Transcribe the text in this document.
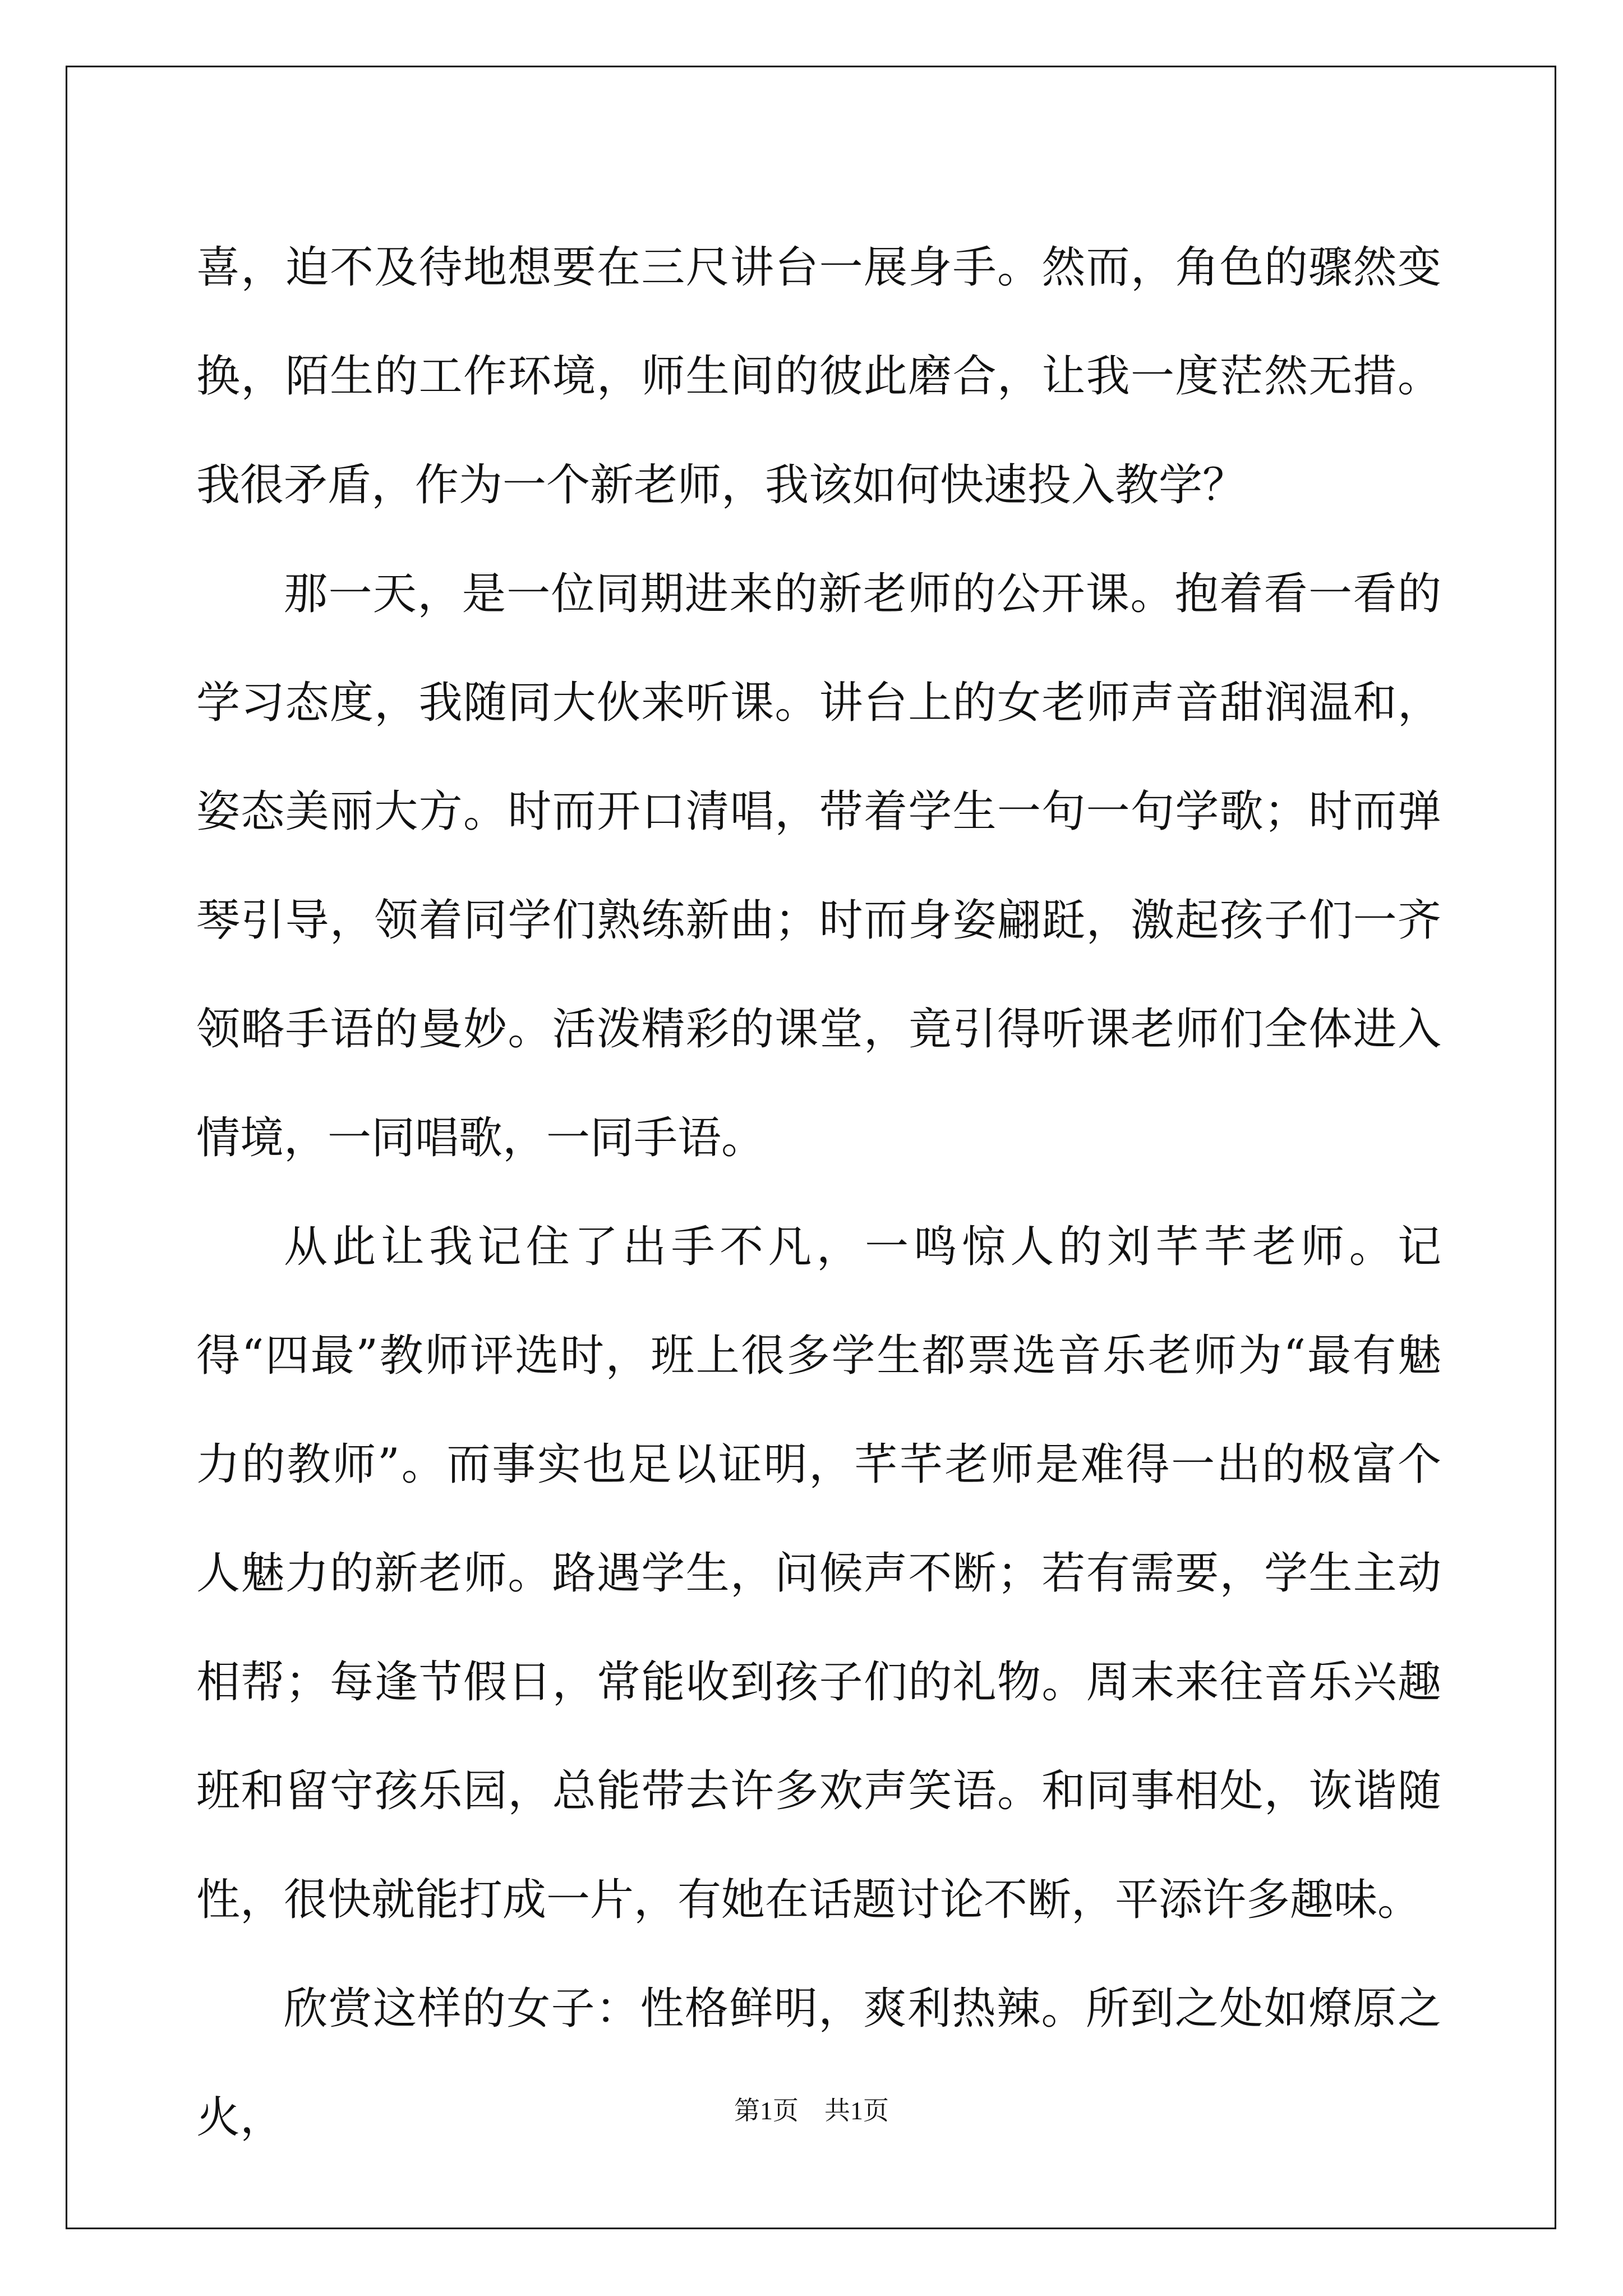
喜，迫不及待地想要在三尺讲台一展身手。然而，角色的骤然变换，陌生的工作环境，师生间的彼此磨合，让我一度茫然无措。我很矛盾，作为一个新老师，我该如何快速投入教学？

那一天，是一位同期进来的新老师的公开课。抱着看一看的学习态度，我随同大伙来听课。讲台上的女老师声音甜润温和，姿态美丽大方。时而开口清唱，带着学生一句一句学歌；时而弹琴引导，领着同学们熟练新曲；时而身姿翩跹，激起孩子们一齐领略手语的曼妙。活泼精彩的课堂，竟引得听课老师们全体进入情境，一同唱歌，一同手语。

从此让我记住了出手不凡，一鸣惊人的刘芊芊老师。记得“四最”教师评选时，班上很多学生都票选音乐老师为“最有魅力的教师”。而事实也足以证明，芊芊老师是难得一出的极富个人魅力的新老师。路遇学生，问候声不断；若有需要，学生主动相帮；每逢节假日，常能收到孩子们的礼物。周末来往音乐兴趣班和留守孩乐园，总能带去许多欢声笑语。和同事相处，诙谐随性，很快就能打成一片，有她在话题讨论不断，平添许多趣味。

欣赏这样的女子：性格鲜明，爽利热辣。所到之处如燎原之火，	第1页　共1页
